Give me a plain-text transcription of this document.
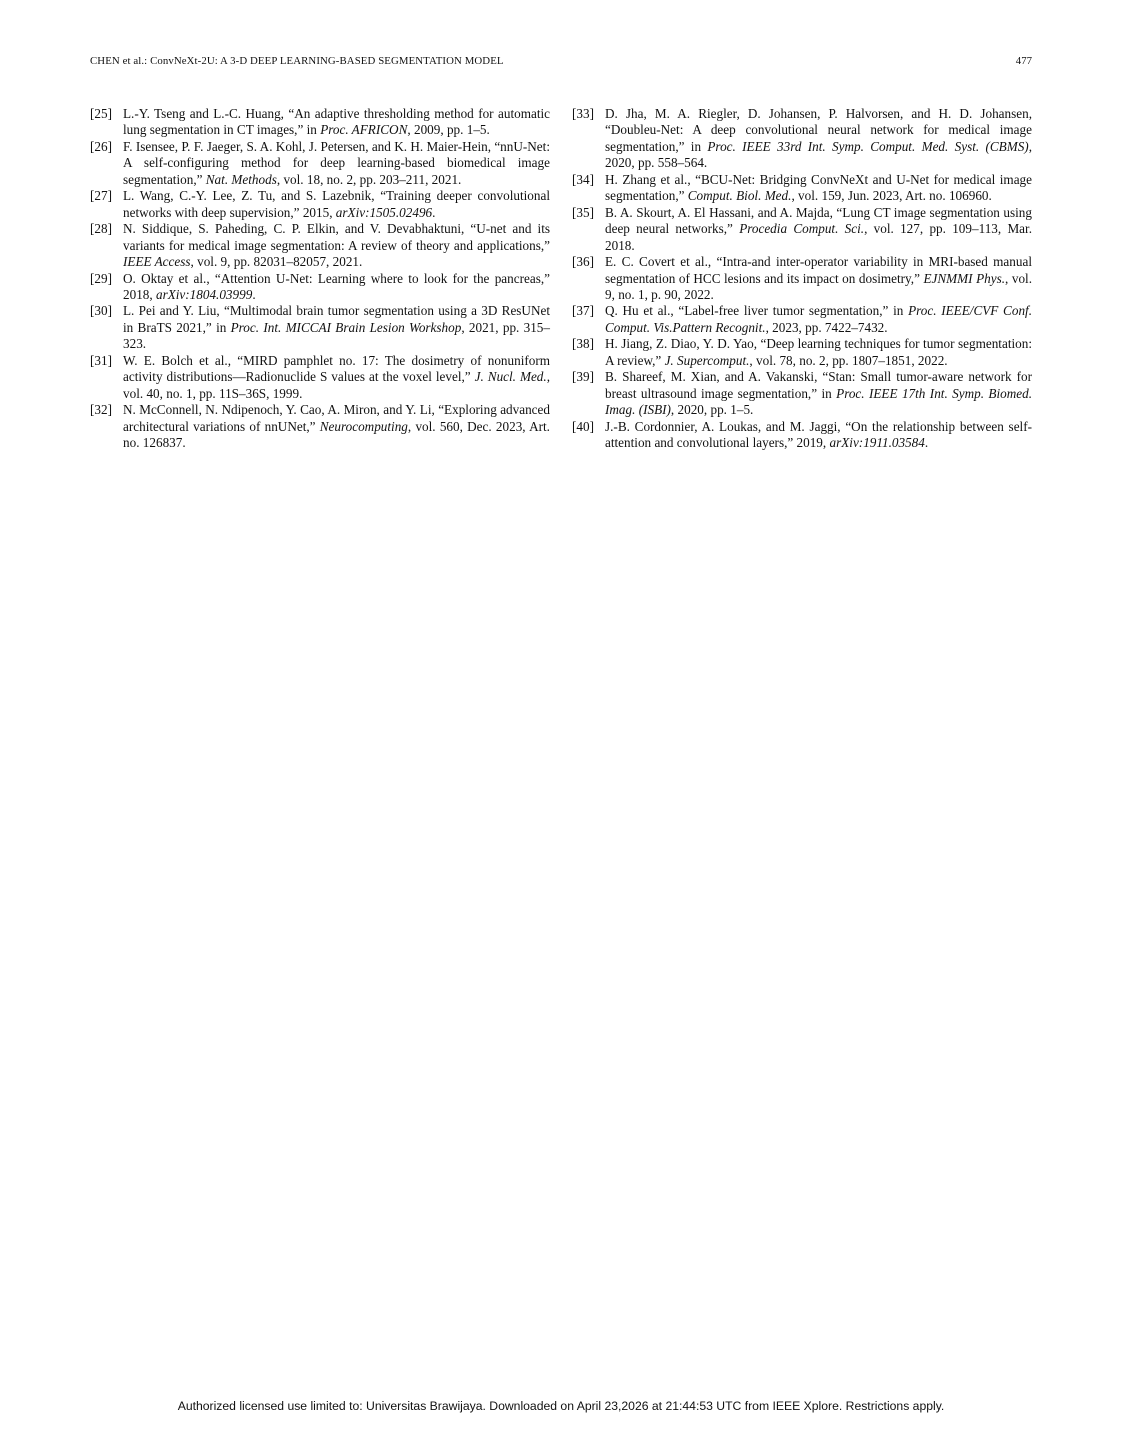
CHEN et al.: ConvNeXt-2U: A 3-D DEEP LEARNING-BASED SEGMENTATION MODEL	477
[25] L.-Y. Tseng and L.-C. Huang, “An adaptive thresholding method for automatic lung segmentation in CT images,” in Proc. AFRICON, 2009, pp. 1–5.
[26] F. Isensee, P. F. Jaeger, S. A. Kohl, J. Petersen, and K. H. Maier-Hein, “nnU-Net: A self-configuring method for deep learning-based biomedical image segmentation,” Nat. Methods, vol. 18, no. 2, pp. 203–211, 2021.
[27] L. Wang, C.-Y. Lee, Z. Tu, and S. Lazebnik, “Training deeper convolutional networks with deep supervision,” 2015, arXiv:1505.02496.
[28] N. Siddique, S. Paheding, C. P. Elkin, and V. Devabhaktuni, “U-net and its variants for medical image segmentation: A review of theory and applications,” IEEE Access, vol. 9, pp. 82031–82057, 2021.
[29] O. Oktay et al., “Attention U-Net: Learning where to look for the pancreas,” 2018, arXiv:1804.03999.
[30] L. Pei and Y. Liu, “Multimodal brain tumor segmentation using a 3D ResUNet in BraTS 2021,” in Proc. Int. MICCAI Brain Lesion Workshop, 2021, pp. 315–323.
[31] W. E. Bolch et al., “MIRD pamphlet no. 17: The dosimetry of nonuniform activity distributions—Radionuclide S values at the voxel level,” J. Nucl. Med., vol. 40, no. 1, pp. 11S–36S, 1999.
[32] N. McConnell, N. Ndipenoch, Y. Cao, A. Miron, and Y. Li, “Exploring advanced architectural variations of nnUNet,” Neurocomputing, vol. 560, Dec. 2023, Art. no. 126837.
[33] D. Jha, M. A. Riegler, D. Johansen, P. Halvorsen, and H. D. Johansen, “Doubleu-Net: A deep convolutional neural network for medical image segmentation,” in Proc. IEEE 33rd Int. Symp. Comput. Med. Syst. (CBMS), 2020, pp. 558–564.
[34] H. Zhang et al., “BCU-Net: Bridging ConvNeXt and U-Net for medical image segmentation,” Comput. Biol. Med., vol. 159, Jun. 2023, Art. no. 106960.
[35] B. A. Skourt, A. El Hassani, and A. Majda, “Lung CT image segmentation using deep neural networks,” Procedia Comput. Sci., vol. 127, pp. 109–113, Mar. 2018.
[36] E. C. Covert et al., “Intra-and inter-operator variability in MRI-based manual segmentation of HCC lesions and its impact on dosimetry,” EJNMMI Phys., vol. 9, no. 1, p. 90, 2022.
[37] Q. Hu et al., “Label-free liver tumor segmentation,” in Proc. IEEE/CVF Conf. Comput. Vis.Pattern Recognit., 2023, pp. 7422–7432.
[38] H. Jiang, Z. Diao, Y. D. Yao, “Deep learning techniques for tumor segmentation: A review,” J. Supercomput., vol. 78, no. 2, pp. 1807–1851, 2022.
[39] B. Shareef, M. Xian, and A. Vakanski, “Stan: Small tumor-aware network for breast ultrasound image segmentation,” in Proc. IEEE 17th Int. Symp. Biomed. Imag. (ISBI), 2020, pp. 1–5.
[40] J.-B. Cordonnier, A. Loukas, and M. Jaggi, “On the relationship between self-attention and convolutional layers,” 2019, arXiv:1911.03584.
Authorized licensed use limited to: Universitas Brawijaya. Downloaded on April 23,2026 at 21:44:53 UTC from IEEE Xplore. Restrictions apply.
